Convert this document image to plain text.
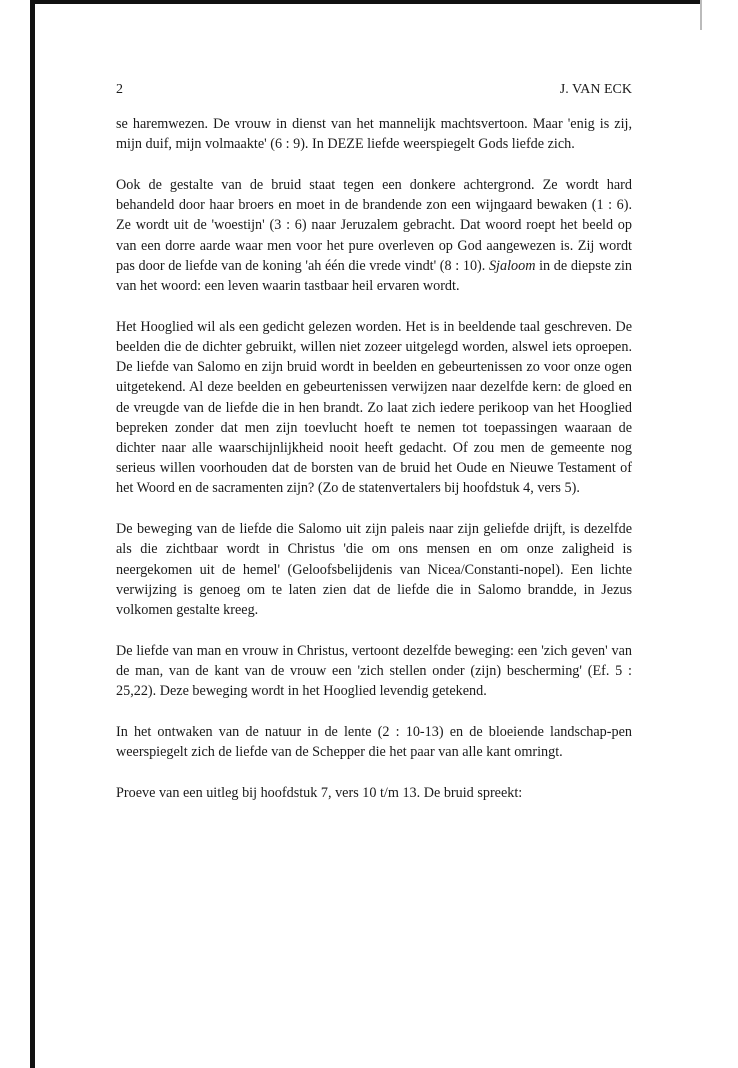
2	J. VAN ECK

se haremwezen. De vrouw in dienst van het mannelijk machtsvertoon. Maar 'enig is zij, mijn duif, mijn volmaakte' (6 : 9). In DEZE liefde weerspiegelt Gods liefde zich.

Ook de gestalte van de bruid staat tegen een donkere achtergrond. Ze wordt hard behandeld door haar broers en moet in de brandende zon een wijngaard bewaken (1 : 6). Ze wordt uit de 'woestijn' (3 : 6) naar Jeruzalem gebracht. Dat woord roept het beeld op van een dorre aarde waar men voor het pure overleven op God aangewezen is. Zij wordt pas door de liefde van de koning 'ah één die vrede vindt' (8 : 10). Sjaloom in de diepste zin van het woord: een leven waarin tastbaar heil ervaren wordt.

Het Hooglied wil als een gedicht gelezen worden. Het is in beeldende taal geschreven. De beelden die de dichter gebruikt, willen niet zozeer uitgelegd worden, alswel iets oproepen. De liefde van Salomo en zijn bruid wordt in beelden en gebeurtenissen zo voor onze ogen uitgetekend. Al deze beelden en gebeurtenissen verwijzen naar dezelfde kern: de gloed en de vreugde van de liefde die in hen brandt. Zo laat zich iedere perikoop van het Hooglied bepreken zonder dat men zijn toevlucht hoeft te nemen tot toepassingen waaraan de dichter naar alle waarschijnlijkheid nooit heeft gedacht. Of zou men de gemeente nog serieus willen voorhouden dat de borsten van de bruid het Oude en Nieuwe Testament of het Woord en de sacramenten zijn? (Zo de statenvertalers bij hoofdstuk 4, vers 5).

De beweging van de liefde die Salomo uit zijn paleis naar zijn geliefde drijft, is dezelfde als die zichtbaar wordt in Christus 'die om ons mensen en om onze zaligheid is neergekomen uit de hemel' (Geloofsbelijdenis van Nicea/Constanti-nopel). Een lichte verwijzing is genoeg om te laten zien dat de liefde die in Salomo brandde, in Jezus volkomen gestalte kreeg.

De liefde van man en vrouw in Christus, vertoont dezelfde beweging: een 'zich geven' van de man, van de kant van de vrouw een 'zich stellen onder (zijn) bescherming' (Ef. 5 : 25,22). Deze beweging wordt in het Hooglied levendig getekend.

In het ontwaken van de natuur in de lente (2 : 10-13) en de bloeiende landschap-pen weerspiegelt zich de liefde van de Schepper die het paar van alle kant omringt.

Proeve van een uitleg bij hoofdstuk 7, vers 10 t/m 13. De bruid spreekt:
